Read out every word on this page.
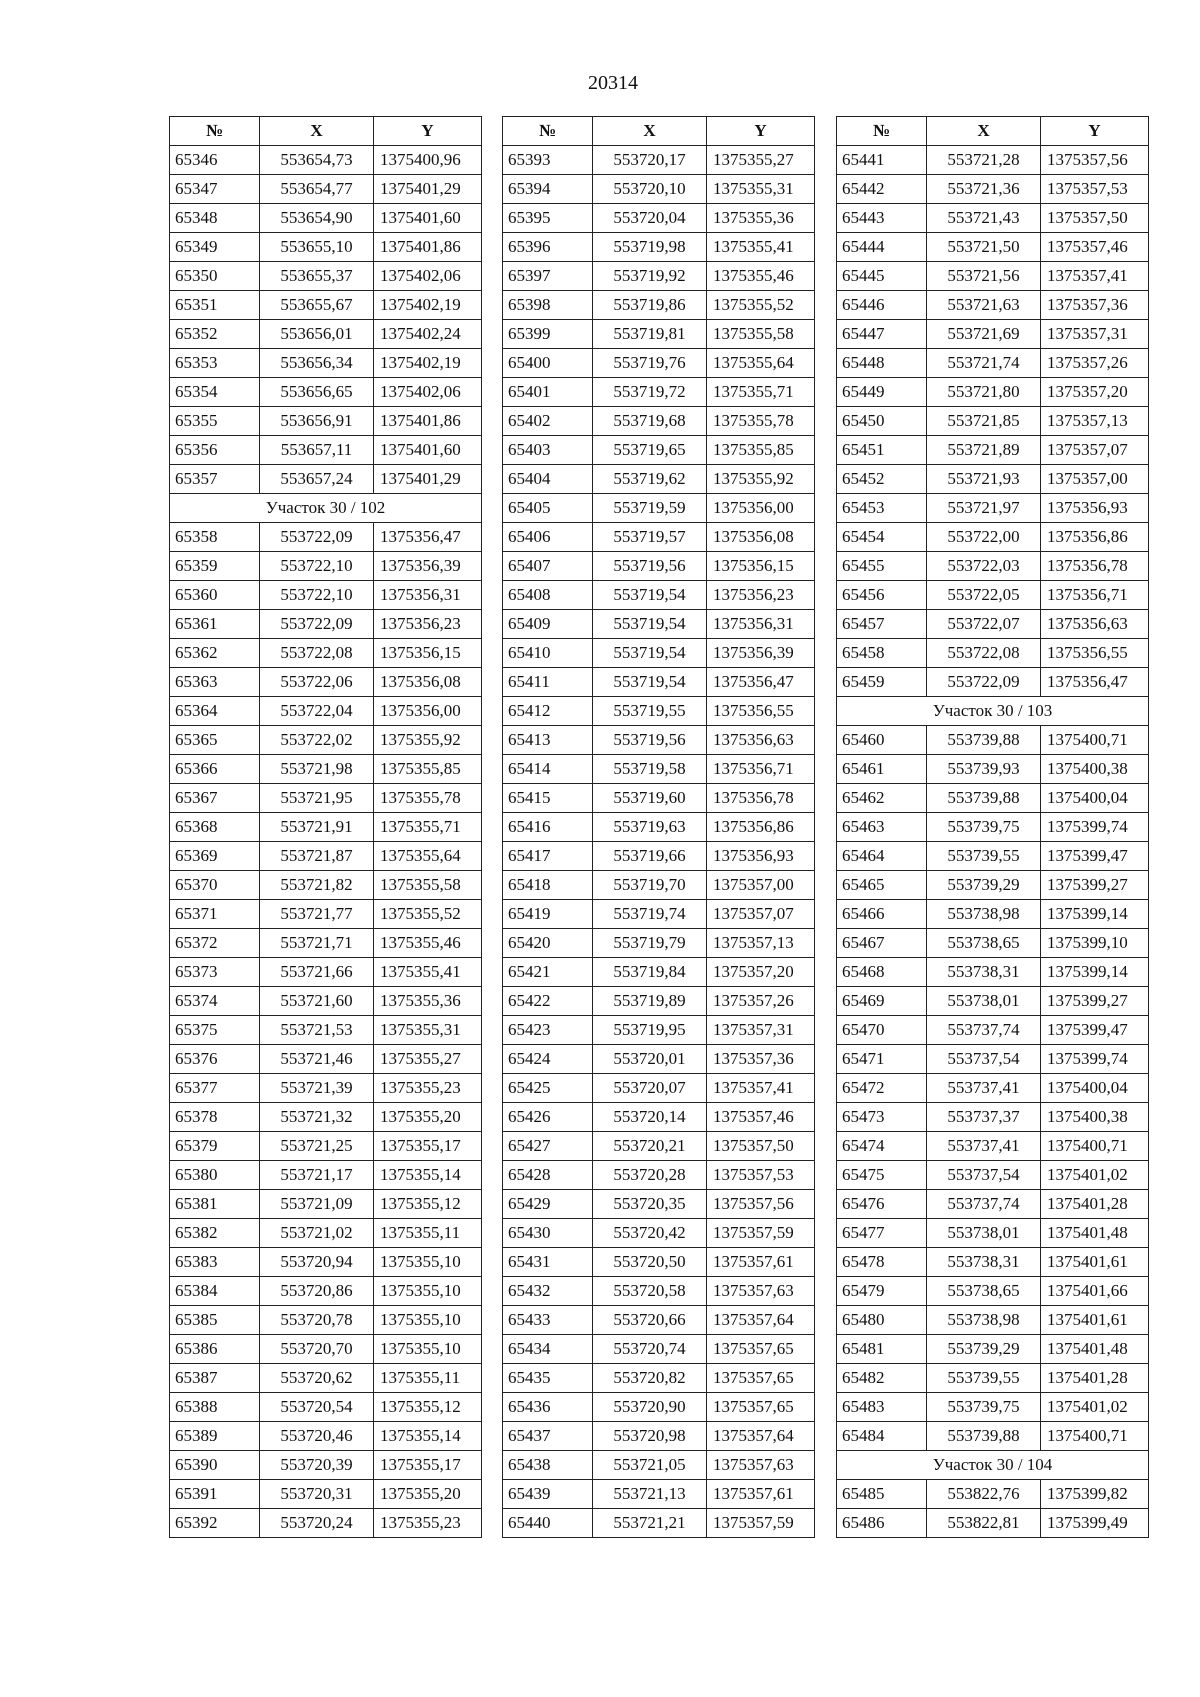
20314
№	X	Y
65346	553654,73	1375400,96
65347	553654,77	1375401,29
65348	553654,90	1375401,60
65349	553655,10	1375401,86
65350	553655,37	1375402,06
65351	553655,67	1375402,19
65352	553656,01	1375402,24
65353	553656,34	1375402,19
65354	553656,65	1375402,06
65355	553656,91	1375401,86
65356	553657,11	1375401,60
65357	553657,24	1375401,29
Участок 30 / 102		
65358	553722,09	1375356,47
65359	553722,10	1375356,39
65360	553722,10	1375356,31
65361	553722,09	1375356,23
65362	553722,08	1375356,15
65363	553722,06	1375356,08
65364	553722,04	1375356,00
65365	553722,02	1375355,92
65366	553721,98	1375355,85
65367	553721,95	1375355,78
65368	553721,91	1375355,71
65369	553721,87	1375355,64
65370	553721,82	1375355,58
65371	553721,77	1375355,52
65372	553721,71	1375355,46
65373	553721,66	1375355,41
65374	553721,60	1375355,36
65375	553721,53	1375355,31
65376	553721,46	1375355,27
65377	553721,39	1375355,23
65378	553721,32	1375355,20
65379	553721,25	1375355,17
65380	553721,17	1375355,14
65381	553721,09	1375355,12
65382	553721,02	1375355,11
65383	553720,94	1375355,10
65384	553720,86	1375355,10
65385	553720,78	1375355,10
65386	553720,70	1375355,10
65387	553720,62	1375355,11
65388	553720,54	1375355,12
65389	553720,46	1375355,14
65390	553720,39	1375355,17
65391	553720,31	1375355,20
65392	553720,24	1375355,23
№	X	Y
65393	553720,17	1375355,27
65394	553720,10	1375355,31
65395	553720,04	1375355,36
65396	553719,98	1375355,41
65397	553719,92	1375355,46
65398	553719,86	1375355,52
65399	553719,81	1375355,58
65400	553719,76	1375355,64
65401	553719,72	1375355,71
65402	553719,68	1375355,78
65403	553719,65	1375355,85
65404	553719,62	1375355,92
65405	553719,59	1375356,00
65406	553719,57	1375356,08
65407	553719,56	1375356,15
65408	553719,54	1375356,23
65409	553719,54	1375356,31
65410	553719,54	1375356,39
65411	553719,54	1375356,47
65412	553719,55	1375356,55
65413	553719,56	1375356,63
65414	553719,58	1375356,71
65415	553719,60	1375356,78
65416	553719,63	1375356,86
65417	553719,66	1375356,93
65418	553719,70	1375357,00
65419	553719,74	1375357,07
65420	553719,79	1375357,13
65421	553719,84	1375357,20
65422	553719,89	1375357,26
65423	553719,95	1375357,31
65424	553720,01	1375357,36
65425	553720,07	1375357,41
65426	553720,14	1375357,46
65427	553720,21	1375357,50
65428	553720,28	1375357,53
65429	553720,35	1375357,56
65430	553720,42	1375357,59
65431	553720,50	1375357,61
65432	553720,58	1375357,63
65433	553720,66	1375357,64
65434	553720,74	1375357,65
65435	553720,82	1375357,65
65436	553720,90	1375357,65
65437	553720,98	1375357,64
65438	553721,05	1375357,63
65439	553721,13	1375357,61
65440	553721,21	1375357,59
№	X	Y
65441	553721,28	1375357,56
65442	553721,36	1375357,53
65443	553721,43	1375357,50
65444	553721,50	1375357,46
65445	553721,56	1375357,41
65446	553721,63	1375357,36
65447	553721,69	1375357,31
65448	553721,74	1375357,26
65449	553721,80	1375357,20
65450	553721,85	1375357,13
65451	553721,89	1375357,07
65452	553721,93	1375357,00
65453	553721,97	1375356,93
65454	553722,00	1375356,86
65455	553722,03	1375356,78
65456	553722,05	1375356,71
65457	553722,07	1375356,63
65458	553722,08	1375356,55
65459	553722,09	1375356,47
Участок 30 / 103		
65460	553739,88	1375400,71
65461	553739,93	1375400,38
65462	553739,88	1375400,04
65463	553739,75	1375399,74
65464	553739,55	1375399,47
65465	553739,29	1375399,27
65466	553738,98	1375399,14
65467	553738,65	1375399,10
65468	553738,31	1375399,14
65469	553738,01	1375399,27
65470	553737,74	1375399,47
65471	553737,54	1375399,74
65472	553737,41	1375400,04
65473	553737,37	1375400,38
65474	553737,41	1375400,71
65475	553737,54	1375401,02
65476	553737,74	1375401,28
65477	553738,01	1375401,48
65478	553738,31	1375401,61
65479	553738,65	1375401,66
65480	553738,98	1375401,61
65481	553739,29	1375401,48
65482	553739,55	1375401,28
65483	553739,75	1375401,02
65484	553739,88	1375400,71
Участок 30 / 104		
65485	553822,76	1375399,82
65486	553822,81	1375399,49
